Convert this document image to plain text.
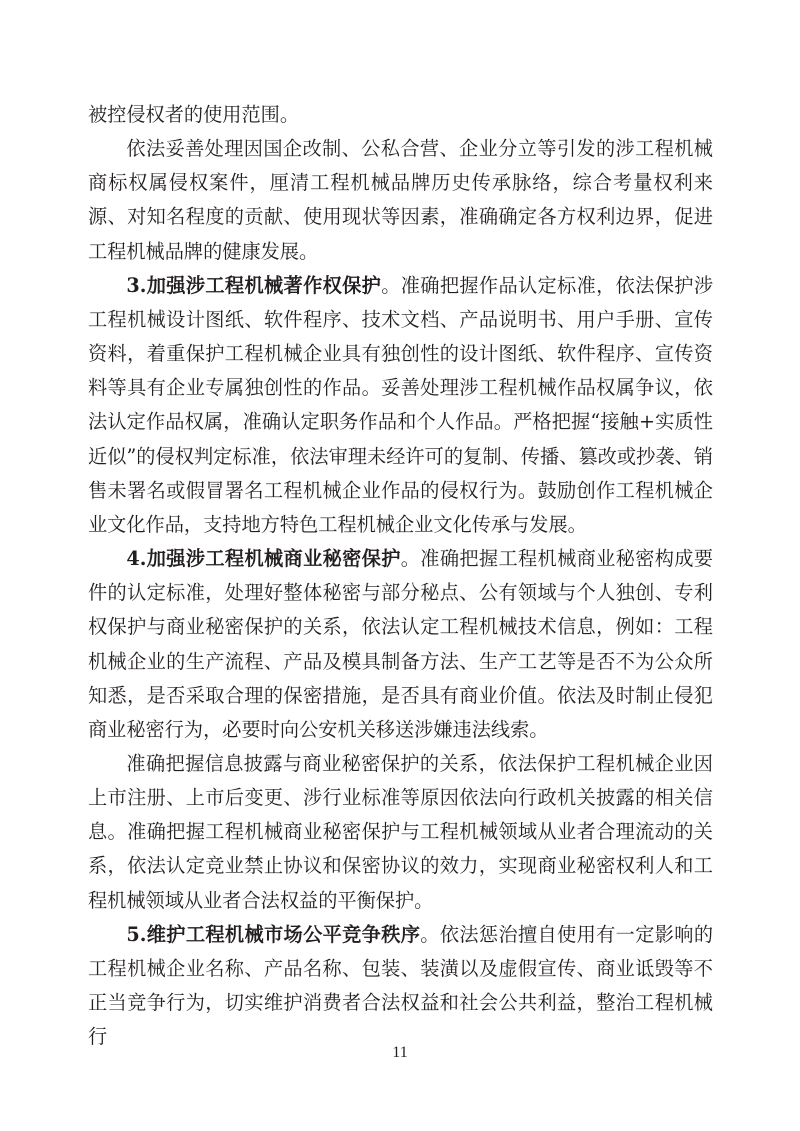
被控侵权者的使用范围。

依法妥善处理因国企改制、公私合营、企业分立等引发的涉工程机械商标权属侵权案件，厘清工程机械品牌历史传承脉络，综合考量权利来源、对知名程度的贡献、使用现状等因素，准确确定各方权利边界，促进工程机械品牌的健康发展。

3.加强涉工程机械著作权保护。准确把握作品认定标准，依法保护涉工程机械设计图纸、软件程序、技术文档、产品说明书、用户手册、宣传资料，着重保护工程机械企业具有独创性的设计图纸、软件程序、宣传资料等具有企业专属独创性的作品。妥善处理涉工程机械作品权属争议，依法认定作品权属，准确认定职务作品和个人作品。严格把握“接触+实质性近似”的侵权判定标准，依法审理未经许可的复制、传播、篡改或抄袭、销售未署名或假冒署名工程机械企业作品的侵权行为。鼓励创作工程机械企业文化作品，支持地方特色工程机械企业文化传承与发展。

4.加强涉工程机械商业秘密保护。准确把握工程机械商业秘密构成要件的认定标准，处理好整体秘密与部分秘点、公有领域与个人独创、专利权保护与商业秘密保护的关系，依法认定工程机械技术信息，例如：工程机械企业的生产流程、产品及模具制备方法、生产工艺等是否不为公众所知悉，是否采取合理的保密措施，是否具有商业价值。依法及时制止侵犯商业秘密行为，必要时向公安机关移送涉嫌违法线索。

准确把握信息披露与商业秘密保护的关系，依法保护工程机械企业因上市注册、上市后变更、涉行业标准等原因依法向行政机关披露的相关信息。准确把握工程机械商业秘密保护与工程机械领域从业者合理流动的关系，依法认定竞业禁止协议和保密协议的效力，实现商业秘密权利人和工程机械领域从业者合法权益的平衡保护。

5.维护工程机械市场公平竞争秩序。依法惩治擅自使用有一定影响的工程机械企业名称、产品名称、包装、装潢以及虚假宣传、商业诋毁等不正当竞争行为，切实维护消费者合法权益和社会公共利益，整治工程机械行

11
